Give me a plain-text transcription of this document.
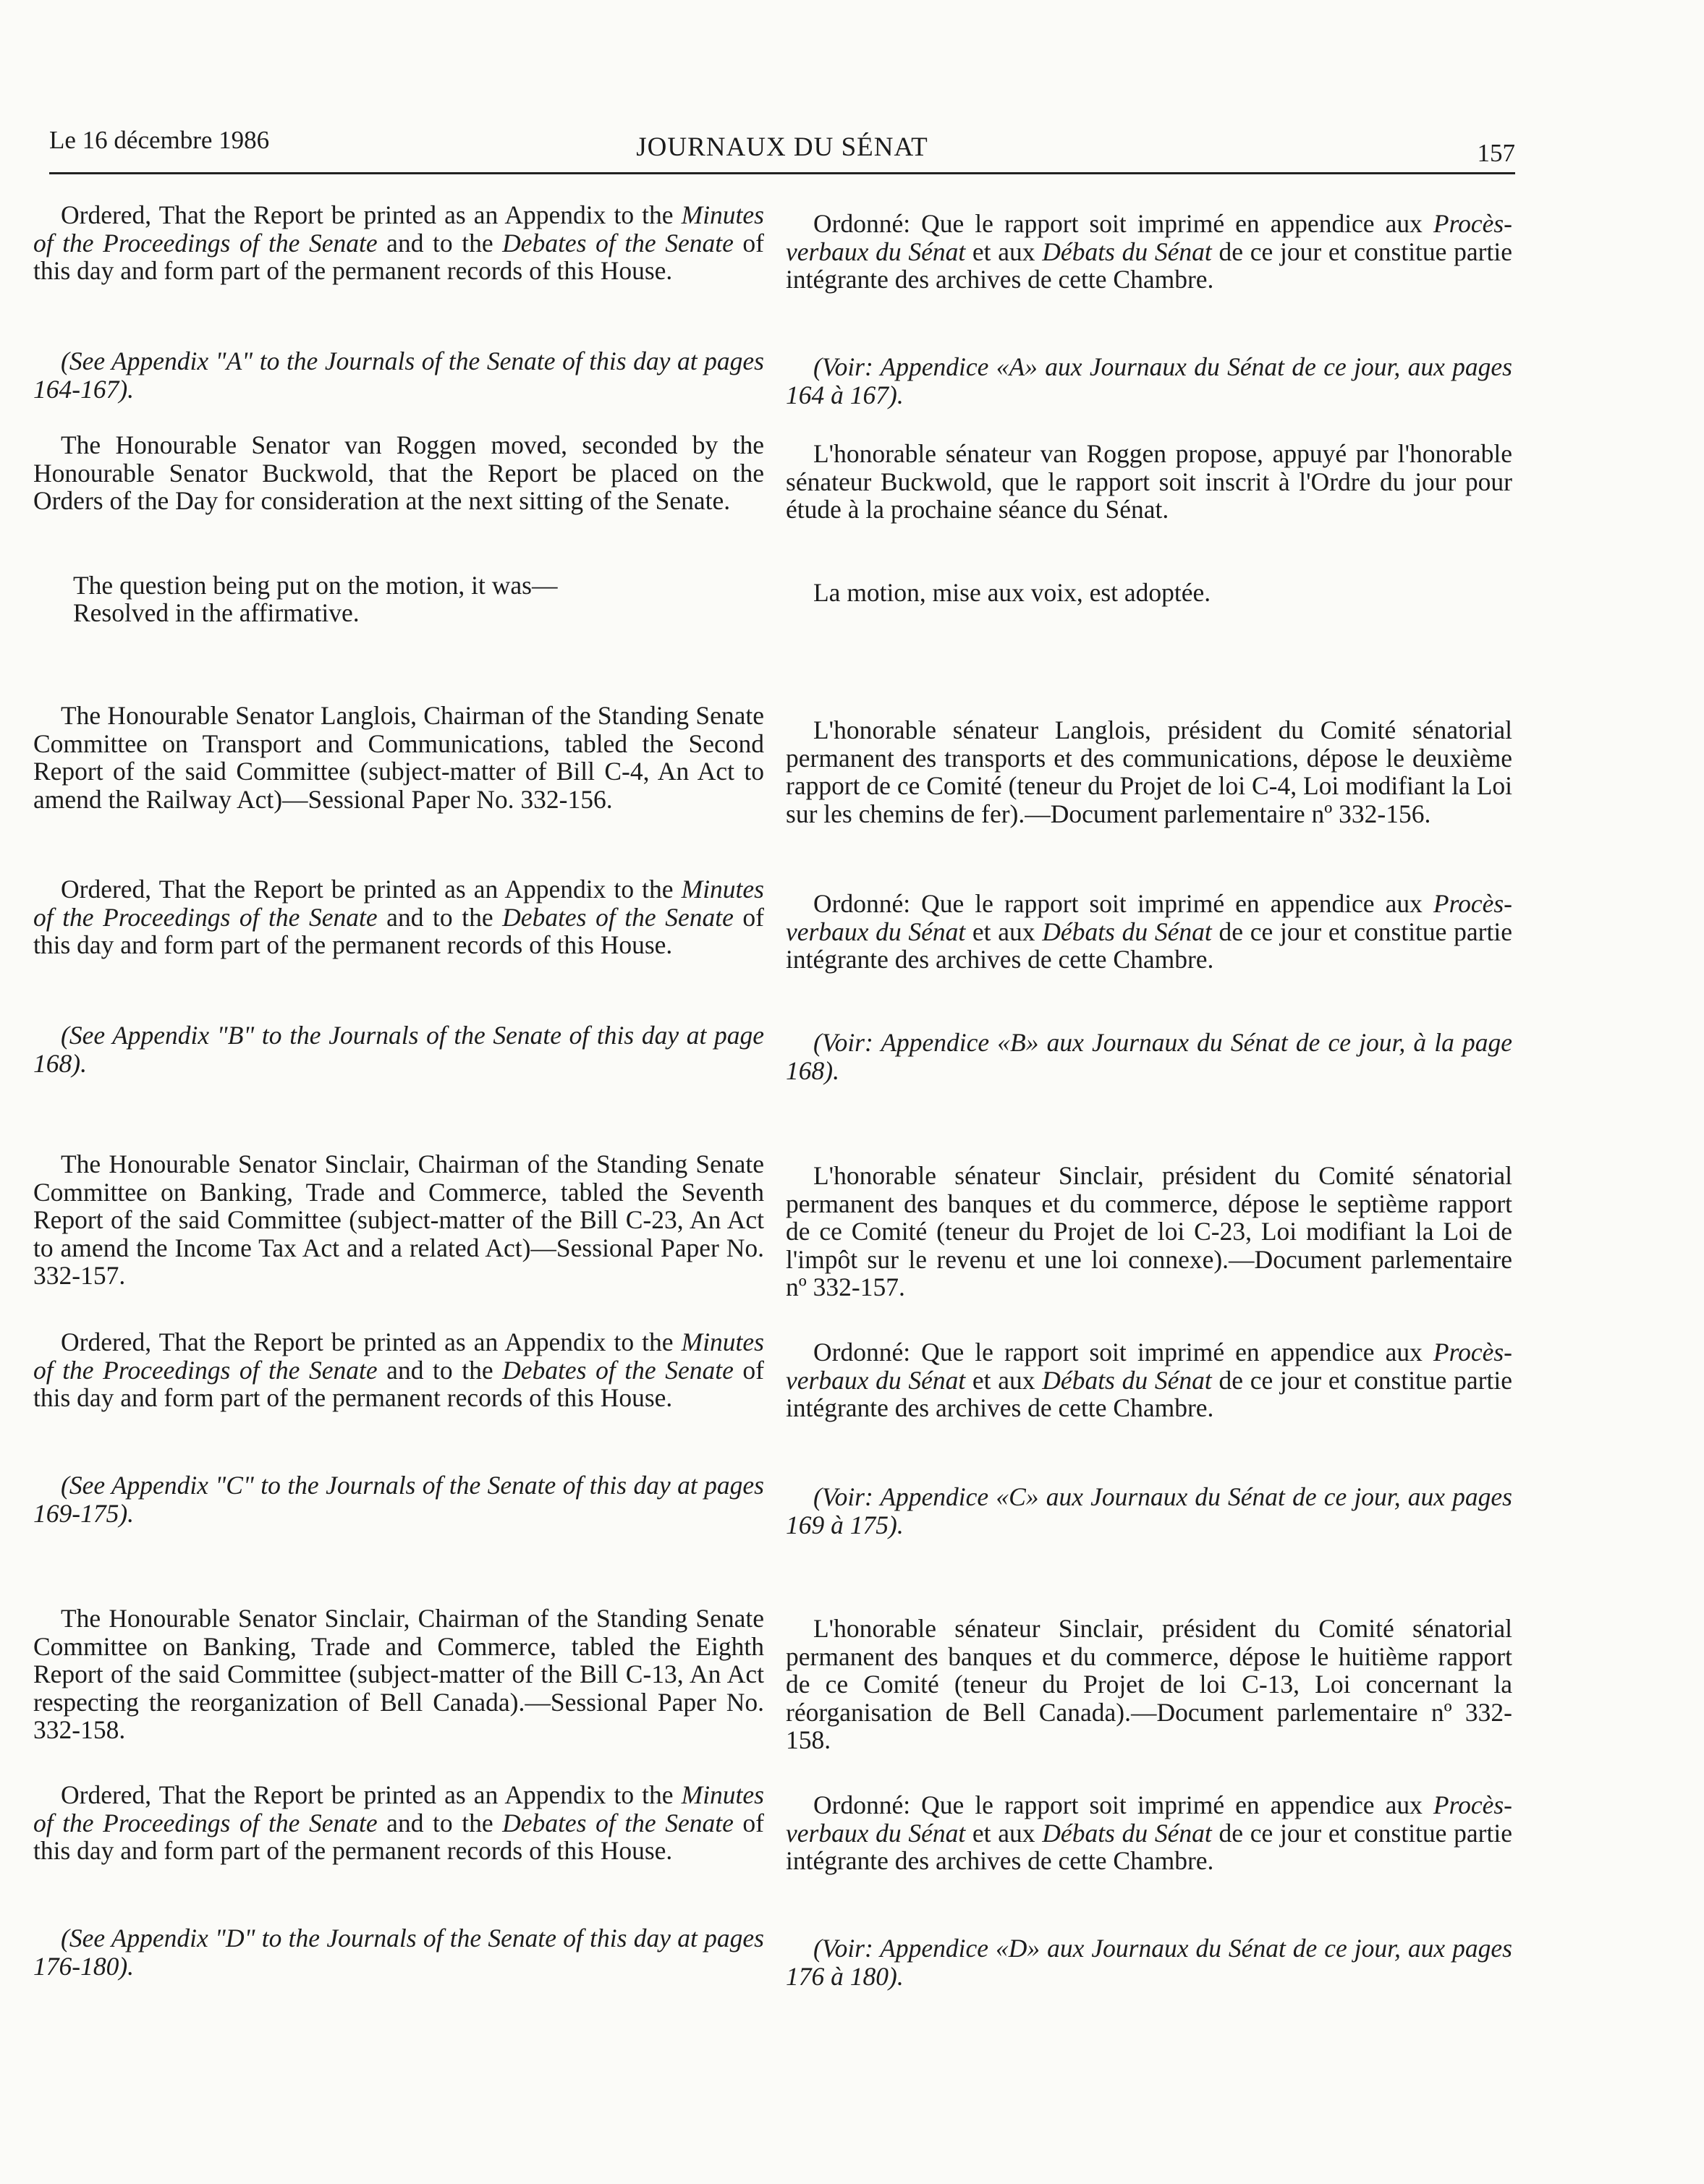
Le 16 décembre 1986	JOURNAUX DU SÉNAT	157

Ordered, That the Report be printed as an Appendix to the Minutes of the Proceedings of the Senate and to the Debates of the Senate of this day and form part of the permanent records of this House.

(See Appendix "A" to the Journals of the Senate of this day at pages 164-167).

The Honourable Senator van Roggen moved, seconded by the Honourable Senator Buckwold, that the Report be placed on the Orders of the Day for consideration at the next sitting of the Senate.

The question being put on the motion, it was—

Resolved in the affirmative.

The Honourable Senator Langlois, Chairman of the Standing Senate Committee on Transport and Communications, tabled the Second Report of the said Committee (subject-matter of Bill C-4, An Act to amend the Railway Act)—Sessional Paper No. 332-156.

Ordered, That the Report be printed as an Appendix to the Minutes of the Proceedings of the Senate and to the Debates of the Senate of this day and form part of the permanent records of this House.

(See Appendix "B" to the Journals of the Senate of this day at page 168).

The Honourable Senator Sinclair, Chairman of the Standing Senate Committee on Banking, Trade and Commerce, tabled the Seventh Report of the said Committee (subject-matter of the Bill C-23, An Act to amend the Income Tax Act and a related Act)—Sessional Paper No. 332-157.

Ordered, That the Report be printed as an Appendix to the Minutes of the Proceedings of the Senate and to the Debates of the Senate of this day and form part of the permanent records of this House.

(See Appendix "C" to the Journals of the Senate of this day at pages 169-175).

The Honourable Senator Sinclair, Chairman of the Standing Senate Committee on Banking, Trade and Commerce, tabled the Eighth Report of the said Committee (subject-matter of the Bill C-13, An Act respecting the reorganization of Bell Canada).—Sessional Paper No. 332-158.

Ordered, That the Report be printed as an Appendix to the Minutes of the Proceedings of the Senate and to the Debates of the Senate of this day and form part of the permanent records of this House.

(See Appendix "D" to the Journals of the Senate of this day at pages 176-180).

Ordonné: Que le rapport soit imprimé en appendice aux Procès-verbaux du Sénat et aux Débats du Sénat de ce jour et constitue partie intégrante des archives de cette Chambre.

(Voir: Appendice «A» aux Journaux du Sénat de ce jour, aux pages 164 à 167).

L'honorable sénateur van Roggen propose, appuyé par l'honorable sénateur Buckwold, que le rapport soit inscrit à l'Ordre du jour pour étude à la prochaine séance du Sénat.

La motion, mise aux voix, est adoptée.

L'honorable sénateur Langlois, président du Comité sénatorial permanent des transports et des communications, dépose le deuxième rapport de ce Comité (teneur du Projet de loi C-4, Loi modifiant la Loi sur les chemins de fer).—Document parlementaire nº 332-156.

Ordonné: Que le rapport soit imprimé en appendice aux Procès-verbaux du Sénat et aux Débats du Sénat de ce jour et constitue partie intégrante des archives de cette Chambre.

(Voir: Appendice «B» aux Journaux du Sénat de ce jour, à la page 168).

L'honorable sénateur Sinclair, président du Comité sénatorial permanent des banques et du commerce, dépose le septième rapport de ce Comité (teneur du Projet de loi C-23, Loi modifiant la Loi de l'impôt sur le revenu et une loi connexe).—Document parlementaire nº 332-157.

Ordonné: Que le rapport soit imprimé en appendice aux Procès-verbaux du Sénat et aux Débats du Sénat de ce jour et constitue partie intégrante des archives de cette Chambre.

(Voir: Appendice «C» aux Journaux du Sénat de ce jour, aux pages 169 à 175).

L'honorable sénateur Sinclair, président du Comité sénatorial permanent des banques et du commerce, dépose le huitième rapport de ce Comité (teneur du Projet de loi C-13, Loi concernant la réorganisation de Bell Canada).—Document parlementaire nº 332-158.

Ordonné: Que le rapport soit imprimé en appendice aux Procès-verbaux du Sénat et aux Débats du Sénat de ce jour et constitue partie intégrante des archives de cette Chambre.

(Voir: Appendice «D» aux Journaux du Sénat de ce jour, aux pages 176 à 180).
